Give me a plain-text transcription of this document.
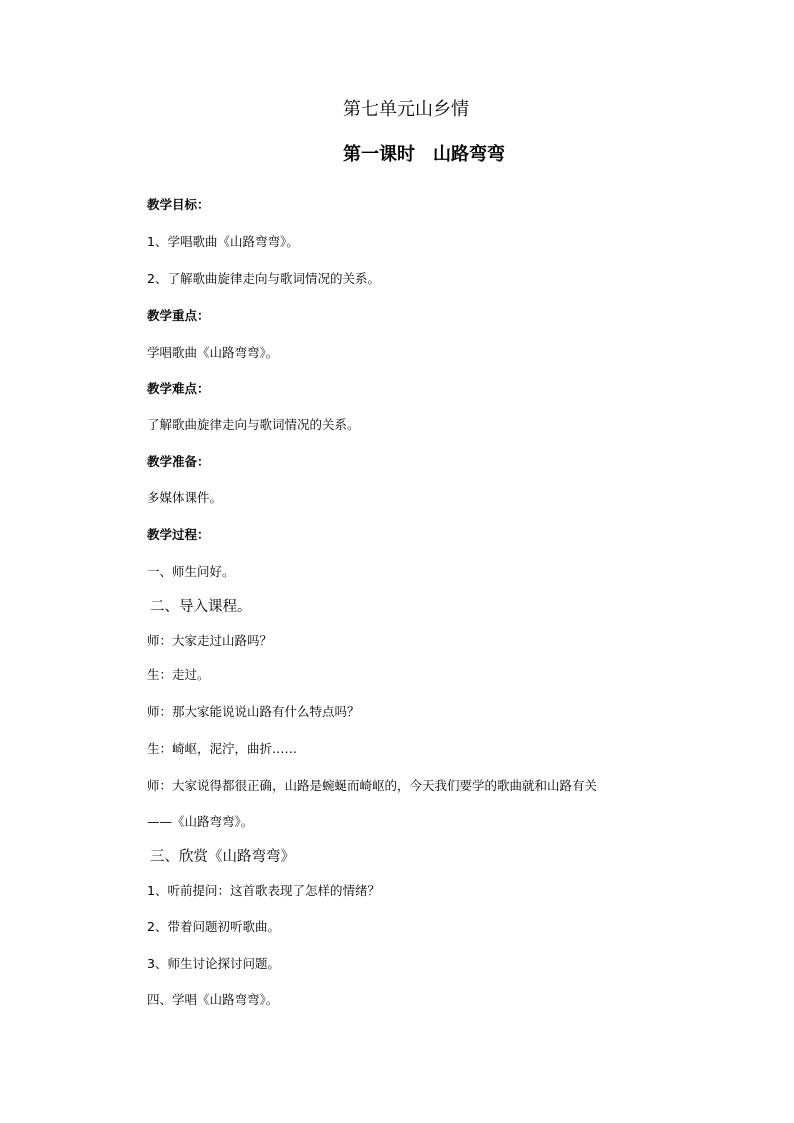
第七单元山乡情
第一课时　山路弯弯
教学目标：
1、学唱歌曲《山路弯弯》。
2、了解歌曲旋律走向与歌词情况的关系。
教学重点：
学唱歌曲《山路弯弯》。
教学难点：
了解歌曲旋律走向与歌词情况的关系。
教学准备：
多媒体课件。
教学过程：
一、师生问好。
二、导入课程。
师：大家走过山路吗？
生：走过。
师：那大家能说说山路有什么特点吗？
生：崎岖，泥泞，曲折……
师：大家说得都很正确，山路是蜿蜒而崎岖的，今天我们要学的歌曲就和山路有关
——《山路弯弯》。
三、欣赏《山路弯弯》
1、听前提问：这首歌表现了怎样的情绪？
2、带着问题初听歌曲。
3、师生讨论探讨问题。
四、学唱《山路弯弯》。
